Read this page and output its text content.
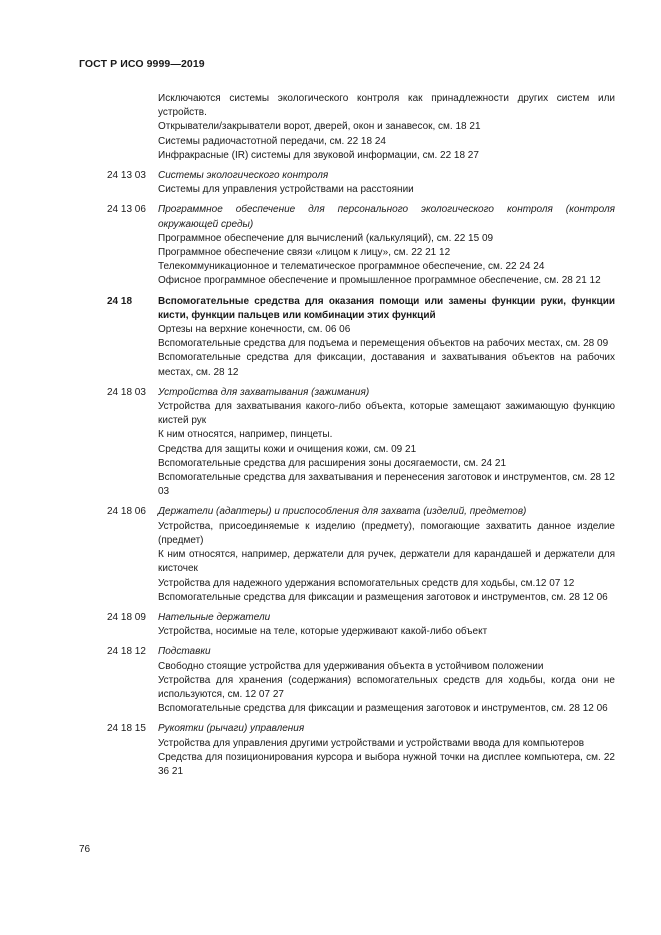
ГОСТ Р ИСО 9999—2019
Исключаются системы экологического контроля как принадлежности других систем или устройств.
Открыватели/закрыватели ворот, дверей, окон и занавесок, см. 18 21
Системы радиочастотной передачи, см. 22 18 24
Инфракрасные (IR) системы для звуковой информации, см. 22 18 27
24 13 03 Системы экологического контроля
Системы для управления устройствами на расстоянии
24 13 06 Программное обеспечение для персонального экологического контроля (контроля окружающей среды)
Программное обеспечение для вычислений (калькуляций), см. 22 15 09
Программное обеспечение связи «лицом к лицу», см. 22 21 12
Телекоммуникационное и телематическое программное обеспечение, см. 22 24 24
Офисное программное обеспечение и промышленное программное обеспечение, см. 28 21 12
24 18	Вспомогательные средства для оказания помощи или замены функции руки, функции кисти, функции пальцев или комбинации этих функций
Ортезы на верхние конечности, см. 06 06
Вспомогательные средства для подъема и перемещения объектов на рабочих местах, см. 28 09
Вспомогательные средства для фиксации, доставания и захватывания объектов на рабочих местах, см. 28 12
24 18 03 Устройства для захватывания (зажимания)
Устройства для захватывания какого-либо объекта, которые замещают зажимающую функцию кистей рук
К ним относятся, например, пинцеты.
Средства для защиты кожи и очищения кожи, см. 09 21
Вспомогательные средства для расширения зоны досягаемости, см. 24 21
Вспомогательные средства для захватывания и перенесения заготовок и инструментов, см. 28 12 03
24 18 06 Держатели (адаптеры) и приспособления для захвата (изделий, предметов)
Устройства, присоединяемые к изделию (предмету), помогающие захватить данное изделие (предмет)
К ним относятся, например, держатели для ручек, держатели для карандашей и держатели для кисточек
Устройства для надежного удержания вспомогательных средств для ходьбы, см.12 07 12
Вспомогательные средства для фиксации и размещения заготовок и инструментов, см. 28 12 06
24 18 09 Нательные держатели
Устройства, носимые на теле, которые удерживают какой-либо объект
24 18 12 Подставки
Свободно стоящие устройства для удерживания объекта в устойчивом положении
Устройства для хранения (содержания) вспомогательных средств для ходьбы, когда они не используются, см. 12 07 27
Вспомогательные средства для фиксации и размещения заготовок и инструментов, см. 28 12 06
24 18 15 Рукоятки (рычаги) управления
Устройства для управления другими устройствами и устройствами ввода для компьютеров
Средства для позиционирования курсора и выбора нужной точки на дисплее компьютера, см. 22 36 21
76
